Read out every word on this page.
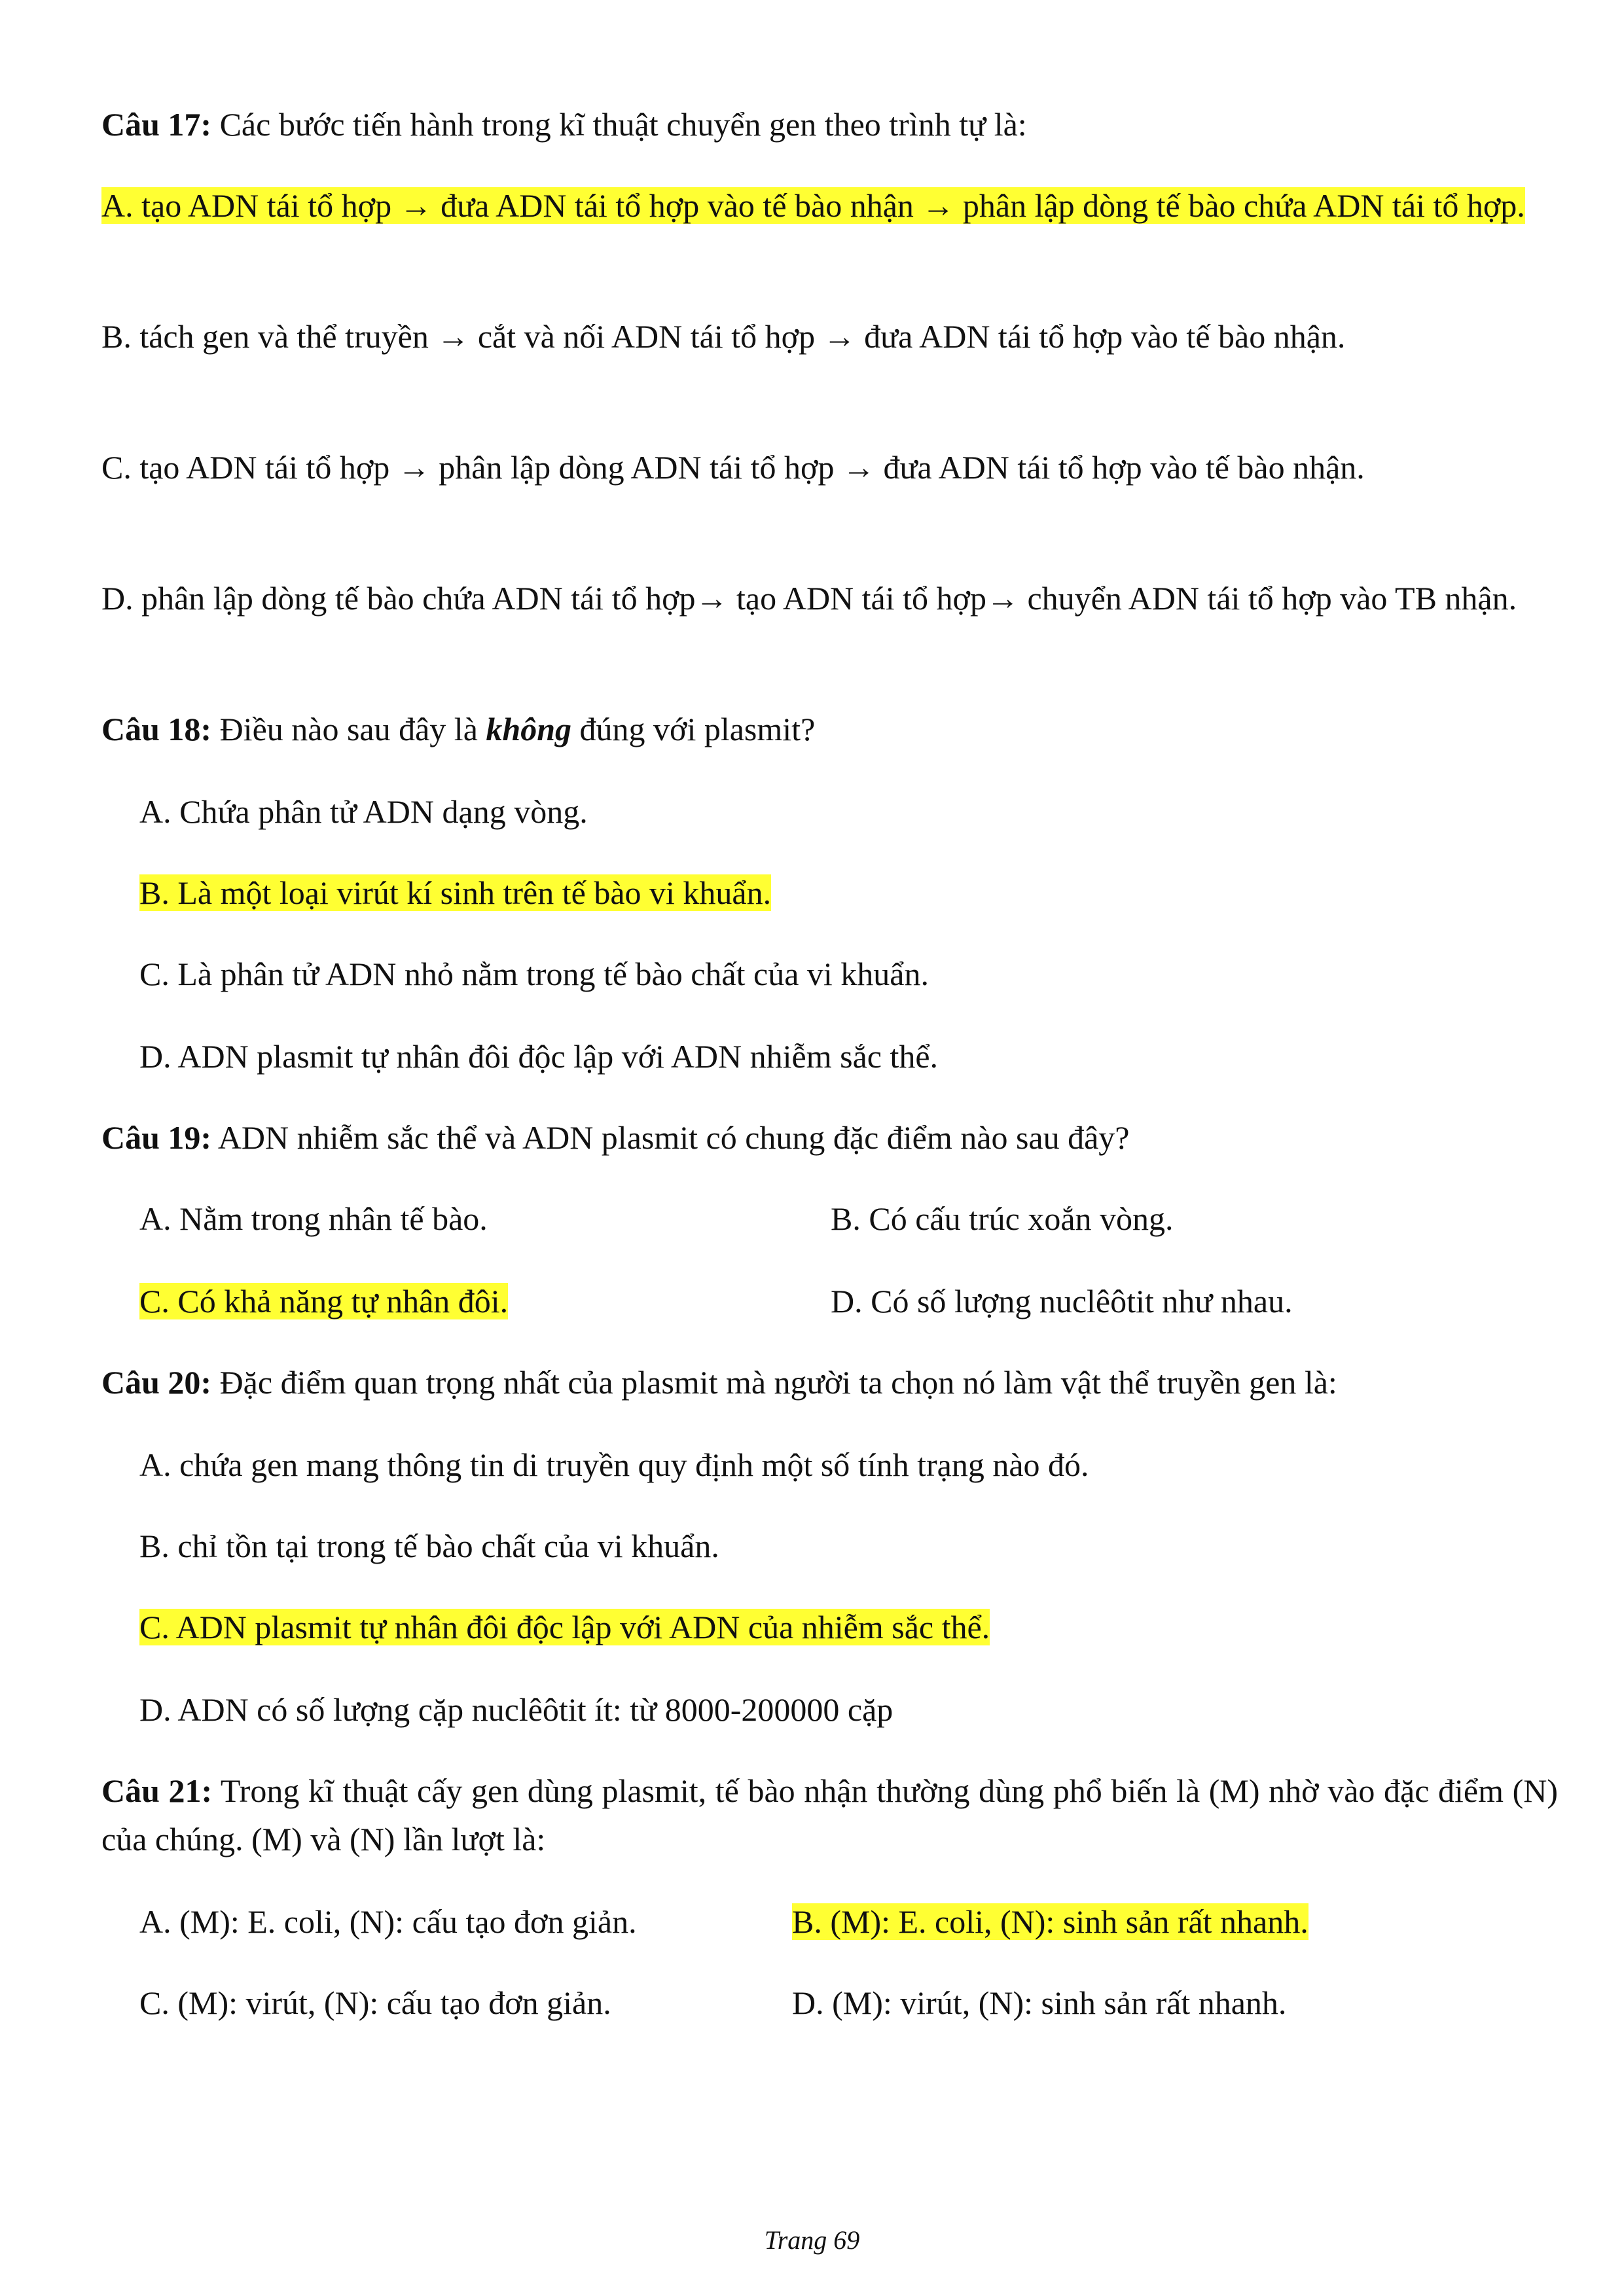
Câu 17: Các bước tiến hành trong kĩ thuật chuyển gen theo trình tự là:
A. tạo ADN tái tổ hợp → đưa ADN tái tổ hợp vào tế bào nhận → phân lập dòng tế bào chứa ADN tái tổ hợp.
B. tách gen và thể truyền → cắt và nối ADN tái tổ hợp → đưa ADN tái tổ hợp vào tế bào nhận.
C. tạo ADN tái tổ hợp → phân lập dòng ADN tái tổ hợp → đưa ADN tái tổ hợp vào tế bào nhận.
D. phân lập dòng tế bào chứa ADN tái tổ hợp→ tạo ADN tái tổ hợp→ chuyển ADN tái tổ hợp vào TB nhận.
Câu 18: Điều nào sau đây là không đúng với plasmit?
A. Chứa phân tử ADN dạng vòng.
B. Là một loại virút kí sinh trên tế bào vi khuẩn.
C. Là phân tử ADN nhỏ nằm trong tế bào chất của vi khuẩn.
D. ADN plasmit tự nhân đôi độc lập với ADN nhiễm sắc thể.
Câu 19: ADN nhiễm sắc thể và ADN plasmit có chung đặc điểm nào sau đây?
A. Nằm trong nhân tế bào.	B. Có cấu trúc xoắn vòng.
C. Có khả năng tự nhân đôi.	D. Có số lượng nuclêôtit như nhau.
Câu 20: Đặc điểm quan trọng nhất của plasmit mà người ta chọn nó làm vật thể truyền gen là:
A. chứa gen mang thông tin di truyền quy định một số tính trạng nào đó.
B. chỉ tồn tại trong tế bào chất của vi khuẩn.
C. ADN plasmit tự nhân đôi độc lập với ADN của nhiễm sắc thể.
D. ADN có số lượng cặp nuclêôtit ít: từ 8000-200000 cặp
Câu 21: Trong kĩ thuật cấy gen dùng plasmit, tế bào nhận thường dùng phổ biến là (M) nhờ vào đặc điểm (N) của chúng. (M) và (N) lần lượt là:
A. (M): E. coli, (N): cấu tạo đơn giản.	B. (M): E. coli, (N): sinh sản rất nhanh.
C. (M): virút, (N): cấu tạo đơn giản.	D. (M): virút, (N): sinh sản rất nhanh.
Trang 69
